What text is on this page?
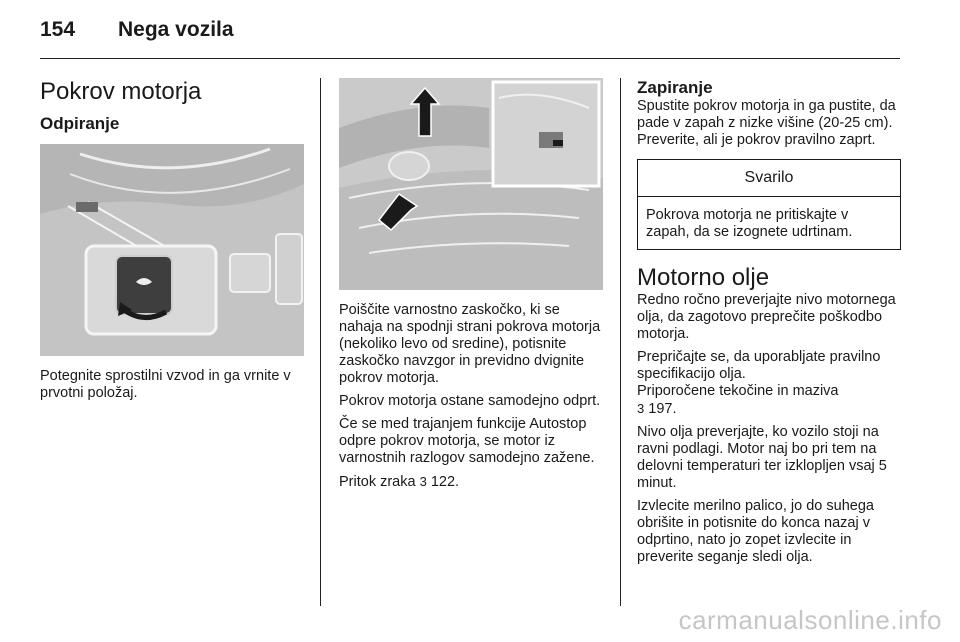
154 Nega vozila
Pokrov motorja
Odpiranje

Potegnite sprostilni vzvod in ga vrnite v prvotni položaj.

Poiščite varnostno zaskočko, ki se nahaja na spodnji strani pokrova motorja (nekoliko levo od sredine), potisnite zaskočko navzgor in previdno dvignite pokrov motorja.

Pokrov motorja ostane samodejno odprt.

Če se med trajanjem funkcije Autostop odpre pokrov motorja, se motor iz varnostnih razlogov samodejno zažene.

Pritok zraka 3 122.

Zapiranje

Spustite pokrov motorja in ga pustite, da pade v zapah z nizke višine (20-25 cm). Preverite, ali je pokrov pravilno zaprt.

Svarilo
Pokrova motorja ne pritiskajte v zapah, da se izognete udrtinam.
Motorno olje

Redno ročno preverjajte nivo motornega olja, da zagotovo preprečite poškodbo motorja.

Prepričajte se, da uporabljate pravilno specifikacijo olja.
Priporočene tekočine in maziva
3 197.

Nivo olja preverjajte, ko vozilo stoji na ravni podlagi. Motor naj bo pri tem na delovni temperaturi ter izklopljen vsaj 5 minut.

Izvlecite merilno palico, jo do suhega obrišite in potisnite do konca nazaj v odprtino, nato jo zopet izvlecite in preverite seganje sledi olja.

carmanualsonline.info
